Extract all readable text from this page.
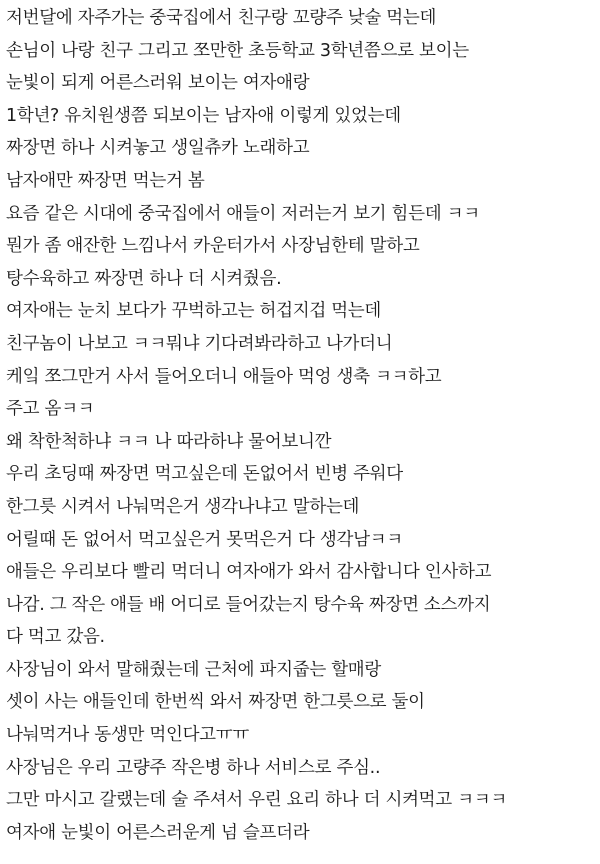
저번달에 자주가는 중국집에서 친구랑 꼬량주 낮술 먹는데
손님이 나랑 친구 그리고 쪼만한 초등학교 3학년쯤으로 보이는
눈빛이 되게 어른스러워 보이는 여자애랑
1학년? 유치원생쯤 되보이는 남자애 이렇게 있었는데
짜장면 하나 시켜놓고 생일츄카 노래하고
남자애만 짜장면 먹는거 봄
요즘 같은 시대에 중국집에서 애들이 저러는거 보기 힘든데 ㅋㅋ
뭔가 좀 애잔한 느낌나서 카운터가서 사장님한테 말하고
탕수육하고 짜장면 하나 더 시켜줬음.
여자애는 눈치 보다가 꾸벅하고는 허겁지겁 먹는데
친구놈이 나보고 ㅋㅋ뭐냐 기다려봐라하고 나가더니
케잌 쪼그만거 사서 들어오더니 애들아 먹엉 생축 ㅋㅋ하고
주고 옴ㅋㅋ
왜 착한척하냐 ㅋㅋ 나 따라하냐 물어보니깐
우리 초딩때 짜장면 먹고싶은데 돈없어서 빈병 주워다
한그릇 시켜서 나눠먹은거 생각나냐고 말하는데
어릴때 돈 없어서 먹고싶은거 못먹은거 다 생각남ㅋㅋ
애들은 우리보다 빨리 먹더니 여자애가 와서 감사합니다 인사하고
나감. 그 작은 애들 배 어디로 들어갔는지 탕수육 짜장면 소스까지
다 먹고 갔음.
사장님이 와서 말해줬는데 근처에 파지줍는 할매랑
셋이 사는 애들인데 한번씩 와서 짜장면 한그릇으로 둘이
나눠먹거나 동생만 먹인다고ㅠㅠ
사장님은 우리 고량주 작은병 하나 서비스로 주심..
그만 마시고 갈랬는데 술 주셔서 우린 요리 하나 더 시켜먹고 ㅋㅋㅋ
여자애 눈빛이 어른스러운게 넘 슬프더라
